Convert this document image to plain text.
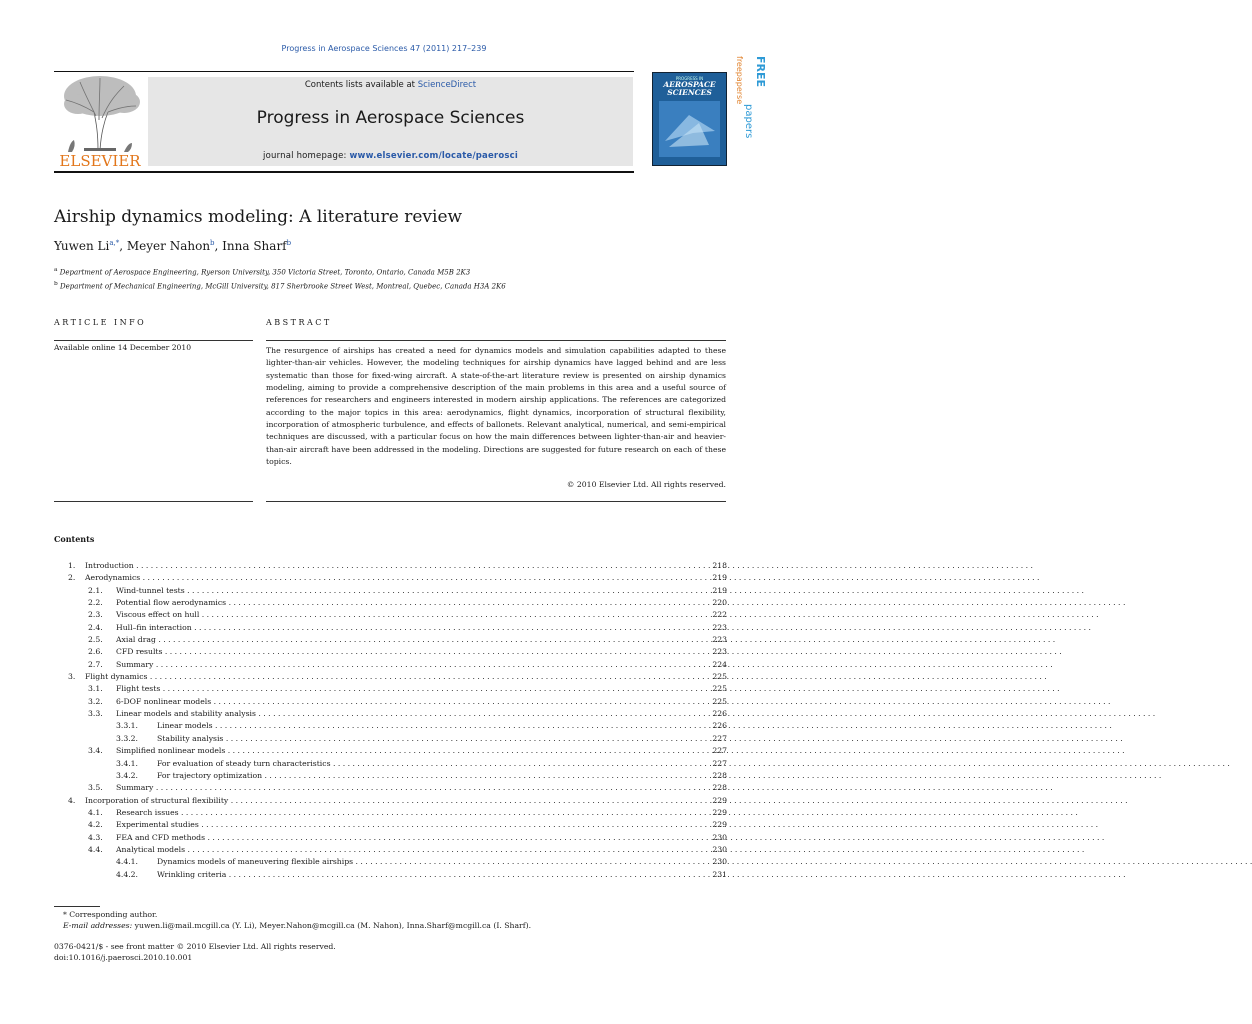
Progress in Aerospace Sciences 47 (2011) 217–239
ELSEVIER
Contents lists available at ScienceDirect
Progress in Aerospace Sciences
journal homepage: www.elsevier.com/locate/paerosci
PROGRESS IN
AEROSPACE SCIENCES
FREE
papers
freepaperse
Airship dynamics modeling: A literature review
Yuwen $Li^{a,*}$, Meyer Nahon$^b$, Inna Sharf$^b$
$^a$ Department of Aerospace Engineering, Ryerson University, 350 Victoria Street, Toronto, Ontario, Canada M5B 2K3
$^b$ Department of Mechanical Engineering, McGill University, 817 Sherbrooke Street West, Montreal, Quebec, Canada H3A 2K6
ARTICLE INFO	ABSTRACT
Available online 14 December 2010	The resurgence of airships has created a need for dynamics models and simulation capabilities adapted to these lighter-than-air vehicles. However, the modeling techniques for airship dynamics have lagged behind and are less systematic than those for fixed-wing aircraft. A state-of-the-art literature review is presented on airship dynamics modeling, aiming to provide a comprehensive description of the main problems in this area and a useful source of references for researchers and engineers interested in modern airship applications. The references are categorized according to the major topics in this area: aerodynamics, flight dynamics, incorporation of structural flexibility, incorporation of atmospheric turbulence, and effects of ballonets. Relevant analytical, numerical, and semi-empirical techniques are discussed, with a particular focus on how the main differences between lighter-than-air and heavier-than-air aircraft have been addressed in the modeling. Directions are suggested for future research on each of these topics.
© 2010 Elsevier Ltd. All rights reserved.
Contents
1. Introduction . . .	218
2. Aerodynamics . . .	219
2.1. Wind-tunnel tests . . .	219
2.2. Potential flow aerodynamics . . .	220
2.3. Viscous effect on hull . . .	222
2.4. Hull–fin interaction . . .	223
2.5. Axial drag . . .	223
2.6. CFD results . . .	223
2.7. Summary . . .	224
3. Flight dynamics . . .	225
3.1. Flight tests . . .	225
3.2. 6-DOF nonlinear models . . .	225
3.3. Linear models and stability analysis . . .	226
3.3.1. Linear models . . .	226
3.3.2. Stability analysis . . .	227
3.4. Simplified nonlinear models . . .	227
3.4.1. For evaluation of steady turn characteristics . . .	227
3.4.2. For trajectory optimization . . .	228
3.5. Summary . . .	228
4. Incorporation of structural flexibility . . .	229
4.1. Research issues . . .	229
4.2. Experimental studies . . .	229
4.3. FEA and CFD methods . . .	230
4.4. Analytical models . . .	230
4.4.1. Dynamics models of maneuvering flexible airships . . .	230
4.4.2. Wrinkling criteria . . .	231
* Corresponding author.
E-mail addresses: yuwen.li@mail.mcgill.ca (Y. Li), Meyer.Nahon@mcgill.ca (M. Nahon), Inna.Sharf@mcgill.ca (I. Sharf).
0376-0421/$ - see front matter © 2010 Elsevier Ltd. All rights reserved.
doi:10.1016/j.paerosci.2010.10.001
